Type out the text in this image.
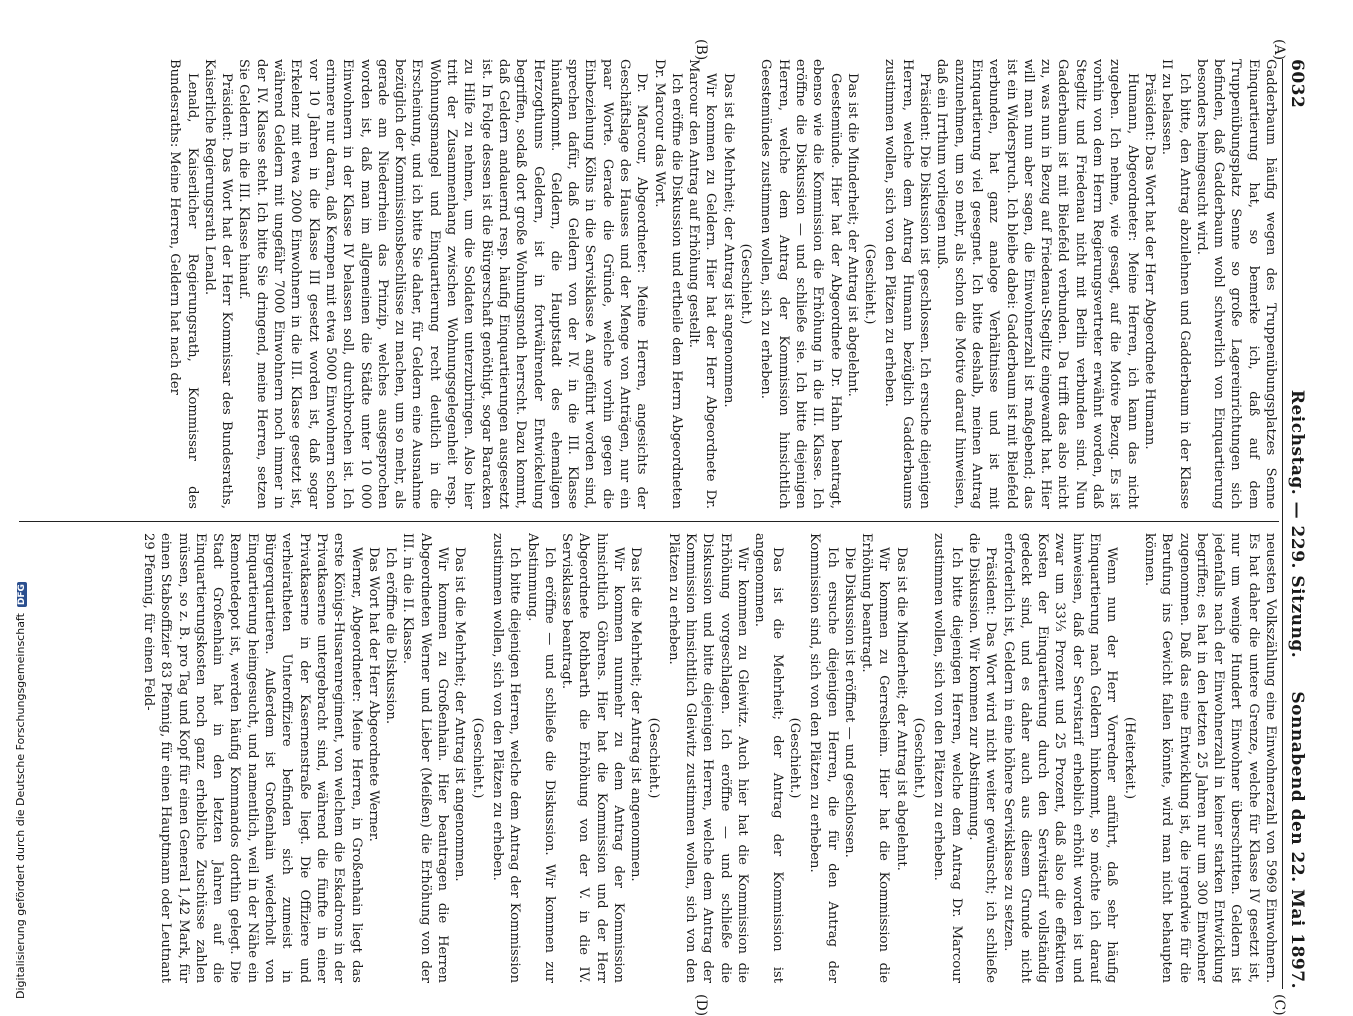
6032
Reichstag. — 229. Sitzung.
Sonnabend den 22. Mai 1897.
(A)
(B)
(C)
(D)

Gadderbaum häufig wegen des Truppenübungsplatzes Senne Einquartierung hat, so bemerke ich, daß auf dem Truppenübungsplatz Senne so große Lagereinrichtungen sich befinden, daß Gadderbaum wohl schwerlich von Einquartierung besonders heimgesucht wird.

Ich bitte, den Antrag abzulehnen und Gadderbaum in der Klasse II zu belassen.

Präsident: Das Wort hat der Herr Abgeordnete Humann.

Humann, Abgeordneter: Meine Herren, ich kann das nicht zugeben. Ich nehme, wie gesagt, auf die Motive Bezug. Es ist vorhin von dem Herrn Regierungsvertreter erwähnt worden, daß Steglitz und Friedenau nicht mit Berlin verbunden sind. Nun Gadderbaum ist mit Bielefeld verbunden. Da trifft das also nicht zu, was nun in Bezug auf Friedenau-Steglitz eingewandt hat. Hier will man nun aber sagen, die Einwohnerzahl ist maßgebend; das ist ein Widerspruch. Ich bleibe dabei: Gadderbaum ist mit Bielefeld verbunden, hat ganz analoge Verhältnisse und ist mit Einquartierung viel gesegnet. Ich bitte deshalb, meinen Antrag anzunehmen, um so mehr, als schon die Motive darauf hinweisen, daß ein Irrthum vorliegen muß.

Präsident: Die Diskussion ist geschlossen. Ich ersuche diejenigen Herren, welche dem Antrag Humann bezüglich Gadderbaums zustimmen wollen, sich von den Plätzen zu erheben.

(Geschieht.)

Das ist die Minderheit; der Antrag ist abgelehnt.

Geestemünde. Hier hat der Abgeordnete Dr. Hahn beantragt, ebenso wie die Kommission die Erhöhung in die III. Klasse. Ich eröffne die Diskussion — und schließe sie. Ich bitte diejenigen Herren, welche dem Antrag der Kommission hinsichtlich Geestemündes zustimmen wollen, sich zu erheben.

(Geschieht.)

Das ist die Mehrheit; der Antrag ist angenommen.

Wir kommen zu Geldern. Hier hat der Herr Abgeordnete Dr. Marcour den Antrag auf Erhöhung gestellt.

Ich eröffne die Diskussion und ertheile dem Herrn Abgeordneten Dr. Marcour das Wort.

Dr. Marcour, Abgeordneter: Meine Herren, angesichts der Geschäftslage des Hauses und der Menge von Anträgen, nur ein paar Worte. Gerade die Gründe, welche vorhin gegen die Einbeziehung Kölns in die Servisklasse A angeführt worden sind, sprechen dafür, daß Geldern von der IV. in die III. Klasse hinaufkommt. Geldern, die Hauptstadt des ehemaligen Herzogthums Geldern, ist in fortwährender Entwickelung begriffen, sodaß dort große Wohnungsnoth herrscht. Dazu kommt, daß Geldern andauernd resp. häufig Einquartierungen ausgesetzt ist. In Folge dessen ist die Bürgerschaft genöthigt, sogar Baracken zu Hilfe zu nehmen, um die Soldaten unterzubringen. Also hier tritt der Zusammenhang zwischen Wohnungsgelegenheit resp. Wohnungsmangel und Einquartierung recht deutlich in die Erscheinung, und ich bitte Sie daher, für Geldern eine Ausnahme bezüglich der Kommissionsbeschlüsse zu machen, um so mehr, als gerade am Niederrhein das Prinzip, welches ausgesprochen worden ist, daß man im allgemeinen die Städte unter 10 000 Einwohnern in der Klasse IV belassen soll, durchbrochen ist. Ich erinnere nur daran, daß Kempen mit etwa 5000 Einwohnern schon vor 10 Jahren in die Klasse III gesetzt worden ist, daß sogar Erkelenz mit etwa 2000 Einwohnern in die III. Klasse gesetzt ist, während Geldern mit ungefähr 7000 Einwohnern noch immer in der IV. Klasse steht. Ich bitte Sie dringend, meine Herren, setzen Sie Geldern in die III. Klasse hinauf.

Präsident: Das Wort hat der Herr Kommissar des Bundesraths, Kaiserliche Regierungsrath Lenald.

Lenald, Kaiserlicher Regierungsrath, Kommissar des Bundesraths: Meine Herren, Geldern hat nach der

neuesten Volkszählung eine Einwohnerzahl von 5969 Einwohnern. Es hat daher die untere Grenze, welche für Klasse IV gesetzt ist, nur um wenige Hundert Einwohner überschritten. Geldern ist jedenfalls nach der Einwohnerzahl in keiner starken Entwicklung begriffen; es hat in den letzten 25 Jahren nur um 300 Einwohner zugenommen. Daß das eine Entwicklung ist, die irgendwie für die Berufung ins Gewicht fallen könnte, wird man nicht behaupten können.

(Heiterkeit.)

Wenn nun der Herr Vorredner anführt, daß sehr häufig Einquartierung nach Geldern hinkommt, so möchte ich darauf hinweisen, daß der Servistarif erheblich erhöht worden ist und zwar um 33⅓ Prozent und 25 Prozent, daß also die effektiven Kosten der Einquartierung durch den Servistarif vollständig gedeckt sind, und es daher auch aus diesem Grunde nicht erforderlich ist, Geldern in eine höhere Servisklasse zu setzen.

Präsident: Das Wort wird nicht weiter gewünscht; ich schließe die Diskussion. Wir kommen zur Abstimmung.

Ich bitte diejenigen Herren, welche dem Antrag Dr. Marcour zustimmen wollen, sich von den Plätzen zu erheben.

(Geschieht.)

Das ist die Minderheit; der Antrag ist abgelehnt.

Wir kommen zu Gerresheim. Hier hat die Kommission die Erhöhung beantragt.

Die Diskussion ist eröffnet — und geschlossen.

Ich ersuche diejenigen Herren, die für den Antrag der Kommission sind, sich von den Plätzen zu erheben.

(Geschieht.)

Das ist die Mehrheit; der Antrag der Kommission ist angenommen.

Wir kommen zu Gleiwitz. Auch hier hat die Kommission die Erhöhung vorgeschlagen. Ich eröffne — und schließe die Diskussion und bitte diejenigen Herren, welche dem Antrag der Kommission hinsichtlich Gleiwitz zustimmen wollen, sich von den Plätzen zu erheben.

(Geschieht.)

Das ist die Mehrheit; der Antrag ist angenommen.

Wir kommen nunmehr zu dem Antrag der Kommission hinsichtlich Göhrens. Hier hat die Kommission und der Herr Abgeordnete Rothbarth die Erhöhung von der V. in die IV. Servisklasse beantragt.

Ich eröffne — und schließe die Diskussion. Wir kommen zur Abstimmung.

Ich bitte diejenigen Herren, welche dem Antrag der Kommission zustimmen wollen, sich von den Plätzen zu erheben.

(Geschieht.)

Das ist die Mehrheit; der Antrag ist angenommen.

Wir kommen zu Großenhain. Hier beantragen die Herren Abgeordneten Werner und Lieber (Meißen) die Erhöhung von der III. in die II. Klasse.

Ich eröffne die Diskussion.

Das Wort hat der Herr Abgeordnete Werner.

Werner, Abgeordneter: Meine Herren, in Großenhain liegt das erste Königs-Husarenregiment, von welchem die Eskadrons in der Privatkaserne untergebracht sind, während die fünfte in einer Privatkaserne in der Kasernenstraße liegt. Die Offiziere und verheiratheten Unteroffiziere befinden sich zumeist in Bürgerquartieren. Außerdem ist Großenhain wiederholt von Einquartierung heimgesucht, und namentlich, weil in der Nähe ein Remontedepot ist, werden häufig Kommandos dorthin gelegt. Die Stadt Großenhain hat in den letzten Jahren auf die Einquartierungskosten noch ganz erhebliche Zuschüsse zahlen müssen, so z. B. pro Tag und Kopf für einen General 1,42 Mark, für einen Stabsoffizier 83 Pfennig, für einen Hauptmann oder Leutnant 29 Pfennig, für einen Feld-

Digitalisierung gefördert durch die Deutsche ForschungsgemeinschaftDFG
